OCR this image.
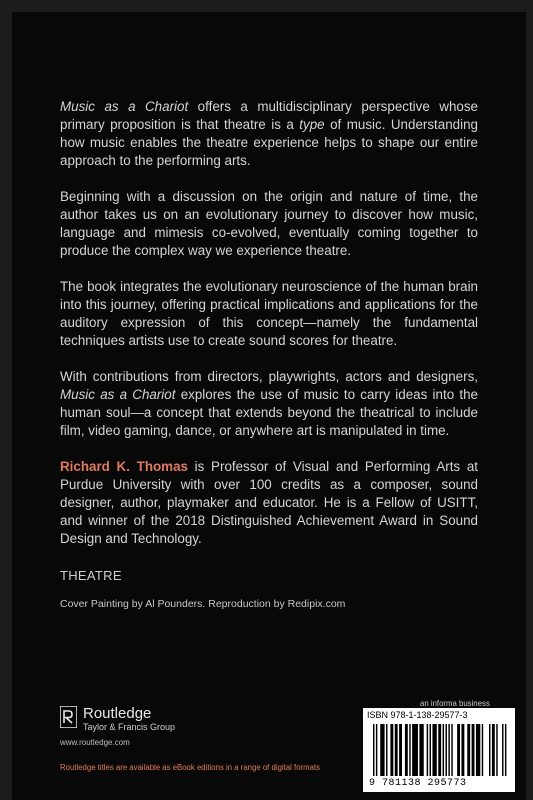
Music as a Chariot offers a multidisciplinary perspective whose primary proposition is that theatre is a type of music. Understanding how music enables the theatre experience helps to shape our entire approach to the performing arts.

Beginning with a discussion on the origin and nature of time, the author takes us on an evolutionary journey to discover how music, language and mimesis co-evolved, eventually coming together to produce the complex way we experience theatre.

The book integrates the evolutionary neuroscience of the human brain into this journey, offering practical implications and applications for the auditory expression of this concept—namely the fundamental techniques artists use to create sound scores for theatre.

With contributions from directors, playwrights, actors and designers, Music as a Chariot explores the use of music to carry ideas into the human soul—a concept that extends beyond the theatrical to include film, video gaming, dance, or anywhere art is manipulated in time.

Richard K. Thomas is Professor of Visual and Performing Arts at Purdue University with over 100 credits as a composer, sound designer, author, playmaker and educator. He is a Fellow of USITT, and winner of the 2018 Distinguished Achievement Award in Sound Design and Technology.

THEATRE
Cover Painting by Al Pounders. Reproduction by Redipix.com
Routledge
Taylor & Francis Group
www.routledge.com
Routledge titles are available as eBook editions in a range of digital formats
an informa business
ISBN 978-1-138-29577-3
9 781138 295773
